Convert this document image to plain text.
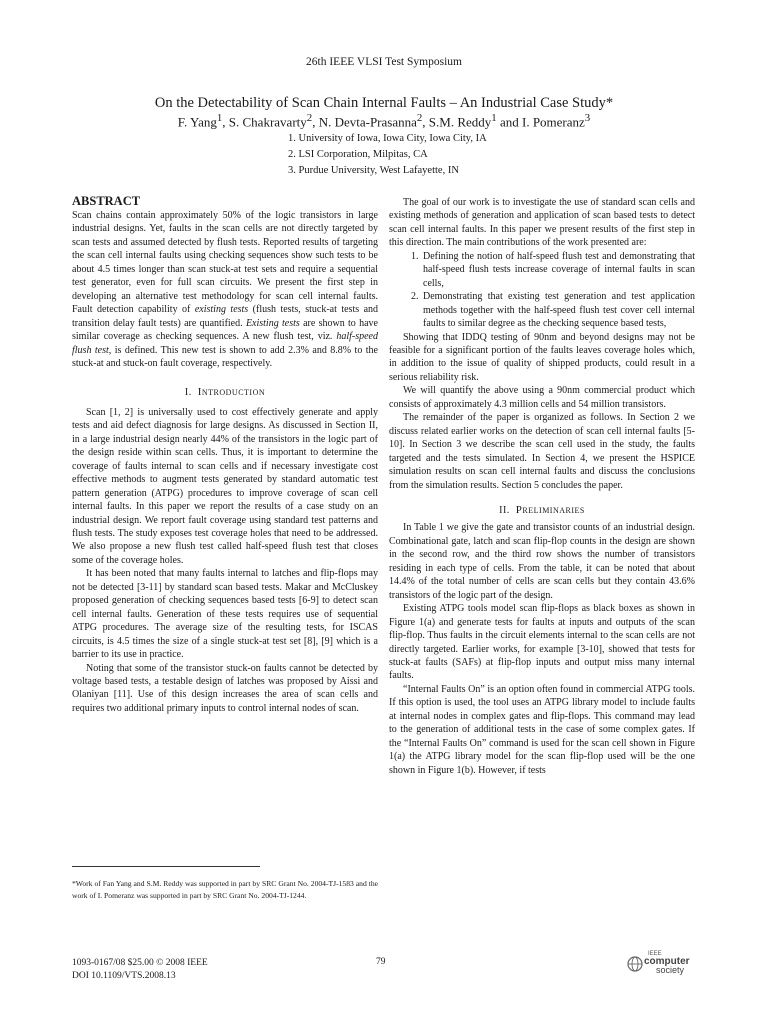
26th IEEE VLSI Test Symposium
On the Detectability of Scan Chain Internal Faults – An Industrial Case Study*
F. Yang$^1$, S. Chakravarty$^2$, N. Devta-Prasanna$^2$, S.M. Reddy$^1$ and I. Pomeranz$^3$
1. University of Iowa, Iowa City, Iowa City, IA
2. LSI Corporation, Milpitas, CA
3. Purdue University, West Lafayette, IN
ABSTRACT

Scan chains contain approximately 50% of the logic transistors in large industrial designs. Yet, faults in the scan cells are not directly targeted by scan tests and assumed detected by flush tests. Reported results of targeting the scan cell internal faults using checking sequences show such tests to be about 4.5 times longer than scan stuck-at test sets and require a sequential test generator, even for full scan circuits. We present the first step in developing an alternative test methodology for scan cell internal faults. Fault detection capability of existing tests (flush tests, stuck-at tests and transition delay fault tests) are quantified. Existing tests are shown to have similar coverage as checking sequences. A new flush test, viz. half-speed flush test, is defined. This new test is shown to add 2.3% and 8.8% to the stuck-at and stuck-on fault coverage, respectively.

I. Introduction

Scan [1, 2] is universally used to cost effectively generate and apply tests and aid defect diagnosis for large designs. As discussed in Section II, in a large industrial design nearly 44% of the transistors in the logic part of the design reside within scan cells. Thus, it is important to determine the coverage of faults internal to scan cells and if necessary investigate cost effective methods to augment tests generated by standard automatic test pattern generation (ATPG) procedures to improve coverage of scan cell internal faults. In this paper we report the results of a case study on an industrial design. We report fault coverage using standard test patterns and flush tests. The study exposes test coverage holes that need to be addressed. We also propose a new flush test called half-speed flush test that closes some of the coverage holes.

It has been noted that many faults internal to latches and flip-flops may not be detected [3-11] by standard scan based tests. Makar and McCluskey proposed generation of checking sequences based tests [6-9] to detect scan cell internal faults. Generation of these tests requires use of sequential ATPG procedures. The average size of the resulting tests, for ISCAS circuits, is 4.5 times the size of a single stuck-at test set [8], [9] which is a barrier to its use in practice.

Noting that some of the transistor stuck-on faults cannot be detected by voltage based tests, a testable design of latches was proposed by Aissi and Olaniyan [11]. Use of this design increases the area of scan cells and requires two additional primary inputs to control internal nodes of scan.

*Work of Fan Yang and S.M. Reddy was supported in part by SRC Grant No. 2004-TJ-1583 and the work of I. Pomeranz was supported in part by SRC Grant No. 2004-TJ-1244.

The goal of our work is to investigate the use of standard scan cells and existing methods of generation and application of scan based tests to detect scan cell internal faults. In this paper we present results of the first step in this direction. The main contributions of the work presented are:

1. Defining the notion of half-speed flush test and demonstrating that half-speed flush tests increase coverage of internal faults in scan cells,
2. Demonstrating that existing test generation and test application methods together with the half-speed flush test cover cell internal faults to similar degree as the checking sequence based tests,

Showing that IDDQ testing of 90nm and beyond designs may not be feasible for a significant portion of the faults leaves coverage holes which, in addition to the issue of quality of shipped products, could result in a serious reliability risk.

We will quantify the above using a 90nm commercial product which consists of approximately 4.3 million cells and 54 million transistors.

The remainder of the paper is organized as follows. In Section 2 we discuss related earlier works on the detection of scan cell internal faults [5-10]. In Section 3 we describe the scan cell used in the study, the faults targeted and the tests simulated. In Section 4, we present the HSPICE simulation results on scan cell internal faults and discuss the conclusions from the simulation results. Section 5 concludes the paper.

II. Preliminaries

In Table 1 we give the gate and transistor counts of an industrial design. Combinational gate, latch and scan flip-flop counts in the design are shown in the second row, and the third row shows the number of transistors residing in each type of cells. From the table, it can be noted that about 14.4% of the total number of cells are scan cells but they contain 43.6% transistors of the logic part of the design.

Existing ATPG tools model scan flip-flops as black boxes as shown in Figure 1(a) and generate tests for faults at inputs and outputs of the scan flip-flop. Thus faults in the circuit elements internal to the scan cells are not directly targeted. Earlier works, for example [3-10], showed that tests for stuck-at faults (SAFs) at flip-flop inputs and output miss many internal faults.

“Internal Faults On” is an option often found in commercial ATPG tools. If this option is used, the tool uses an ATPG library model to include faults at internal nodes in complex gates and flip-flops. This command may lead to the generation of additional tests in the case of some complex gates. If the “Internal Faults On” command is used for the scan cell shown in Figure 1(a) the ATPG library model for the scan flip-flop used will be the one shown in Figure 1(b). However, if tests

1093-0167/08 $25.00 © 2008 IEEE
DOI 10.1109/VTS.2008.13
79
IEEE
computer
society
